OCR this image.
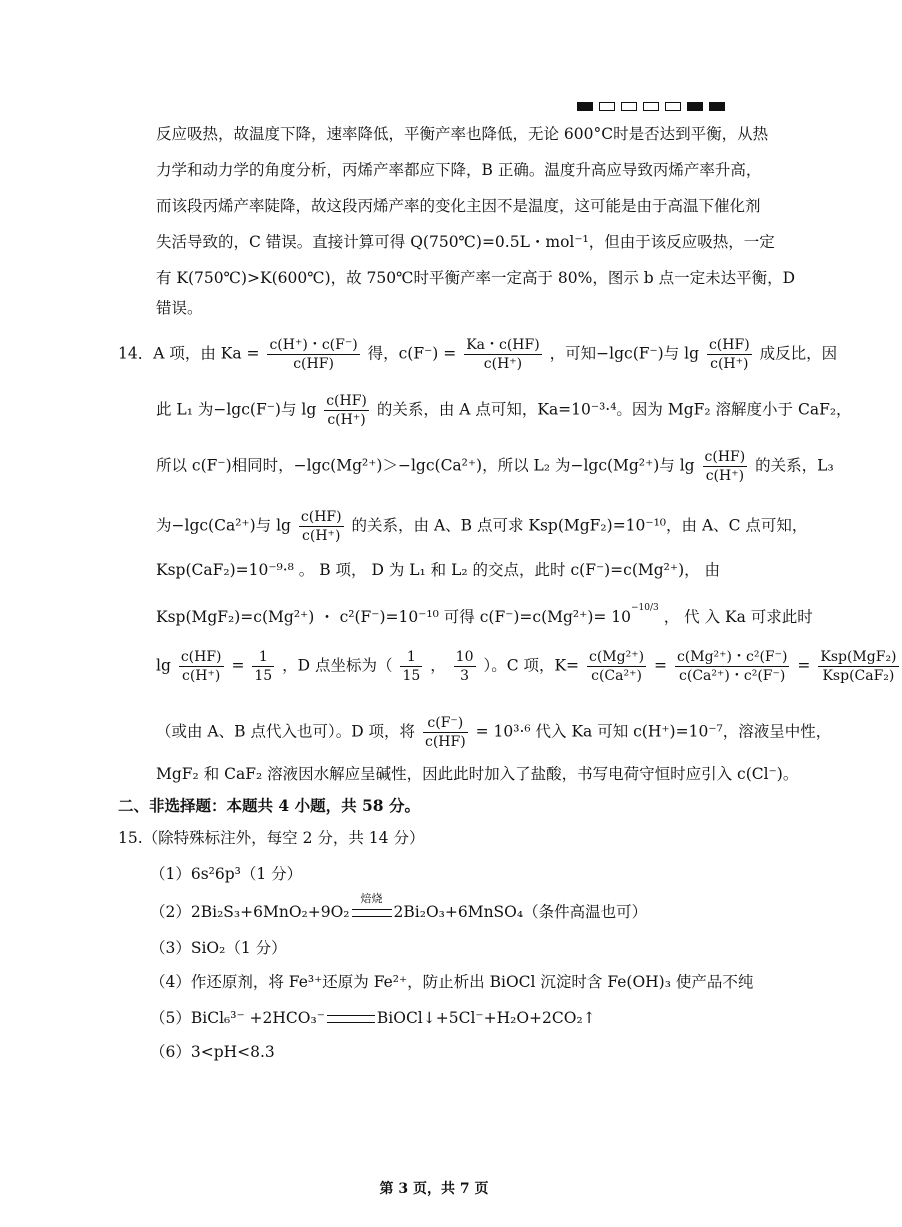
反应吸热，故温度下降，速率降低，平衡产率也降低，无论 600°C时是否达到平衡，从热
力学和动力学的角度分析，丙烯产率都应下降，B 正确。温度升高应导致丙烯产率升高，
而该段丙烯产率陡降，故这段丙烯产率的变化主因不是温度，这可能是由于高温下催化剂
失活导致的，C 错误。直接计算可得 Q(750℃)=0.5L・mol⁻¹，但由于该反应吸热，一定
有 K(750℃)>K(600℃)，故 750℃时平衡产率一定高于 80%，图示 b 点一定未达平衡，D
错误。
14．A 项，由 $Ka = \frac{c(H^+)・c(F^-)}{c(HF)}$ 得，$c(F^-) = \frac{Ka・c(HF)}{c(H^+)}$ ，可知−lgc(F⁻)与 $\lg \frac{c(HF)}{c(H^+)}$ 成反比，因
此 L₁ 为−lgc(F⁻)与 $\lg \frac{c(HF)}{c(H^+)}$ 的关系，由 A 点可知，Ka=10⁻³·⁴。因为 MgF₂ 溶解度小于 CaF₂，
所以 c(F⁻)相同时，−lgc(Mg²⁺)＞−lgc(Ca²⁺)，所以 L₂ 为−lgc(Mg²⁺)与 $\lg \frac{c(HF)}{c(H^+)}$ 的关系，L₃
为−lgc(Ca²⁺)与 $\lg \frac{c(HF)}{c(H^+)}$ 的关系，由 A、B 点可求 Ksp(MgF₂)=10⁻¹⁰，由 A、C 点可知，
Ksp(CaF₂)=10⁻⁹·⁸ 。 B 项， D 为 L₁ 和 L₂ 的交点，此时 c(F⁻)=c(Mg²⁺)， 由
Ksp(MgF₂)=c(Mg²⁺) ・ c²(F⁻)=10⁻¹⁰ 可得 $c(F^-)=c(Mg^{2+})= 10^{-10/3}$ ， 代 入 Ka 可求此时
$\lg \frac{c(HF)}{c(H^+)} = \frac{1}{15}$ ，D 点坐标为（ $\frac{1}{15}$ ， $\frac{10}{3}$ ）。C 项，$K= \frac{\text{c(Mg²⁺)}}{\text{c(Ca²⁺)}} = \frac{\text{c(Mg²⁺)・c²(F⁻)}}{\text{c(Ca²⁺)・c²(F⁻)}} = \frac{\text{Ksp(MgF₂)}}{\text{Ksp(CaF₂)}}$
（或由 A、B 点代入也可）。D 项，将 $\frac{c(F^-)}{c(HF)} = 10^3\cdot^6$ 代入 Ka 可知 c(H⁺)=10⁻⁷，溶液呈中性，
MgF₂ 和 CaF₂ 溶液因水解应呈碱性，因此此时加入了盐酸，书写电荷守恒时应引入 c(Cl⁻)。
二、非选择题：本题共 4 小题，共 58 分。
15.（除特殊标注外，每空 2 分，共 14 分）
（1）6s²6p³（1 分）
（2）2Bi₂S₃+6MnO₂+9O₂
焙烧
2Bi₂O₃+6MnSO₄（条件高温也可）
（3）SiO₂（1 分）
（4）作还原剂，将 Fe³⁺还原为 Fe²⁺，防止析出 BiOCl 沉淀时含 Fe(OH)₃ 使产品不纯
（5）BiCl₆³⁻ +2HCO₃⁻	BiOCl↓+5Cl⁻+H₂O+2CO₂↑
（6）3<pH<8.3
第 3 页，共 7 页
